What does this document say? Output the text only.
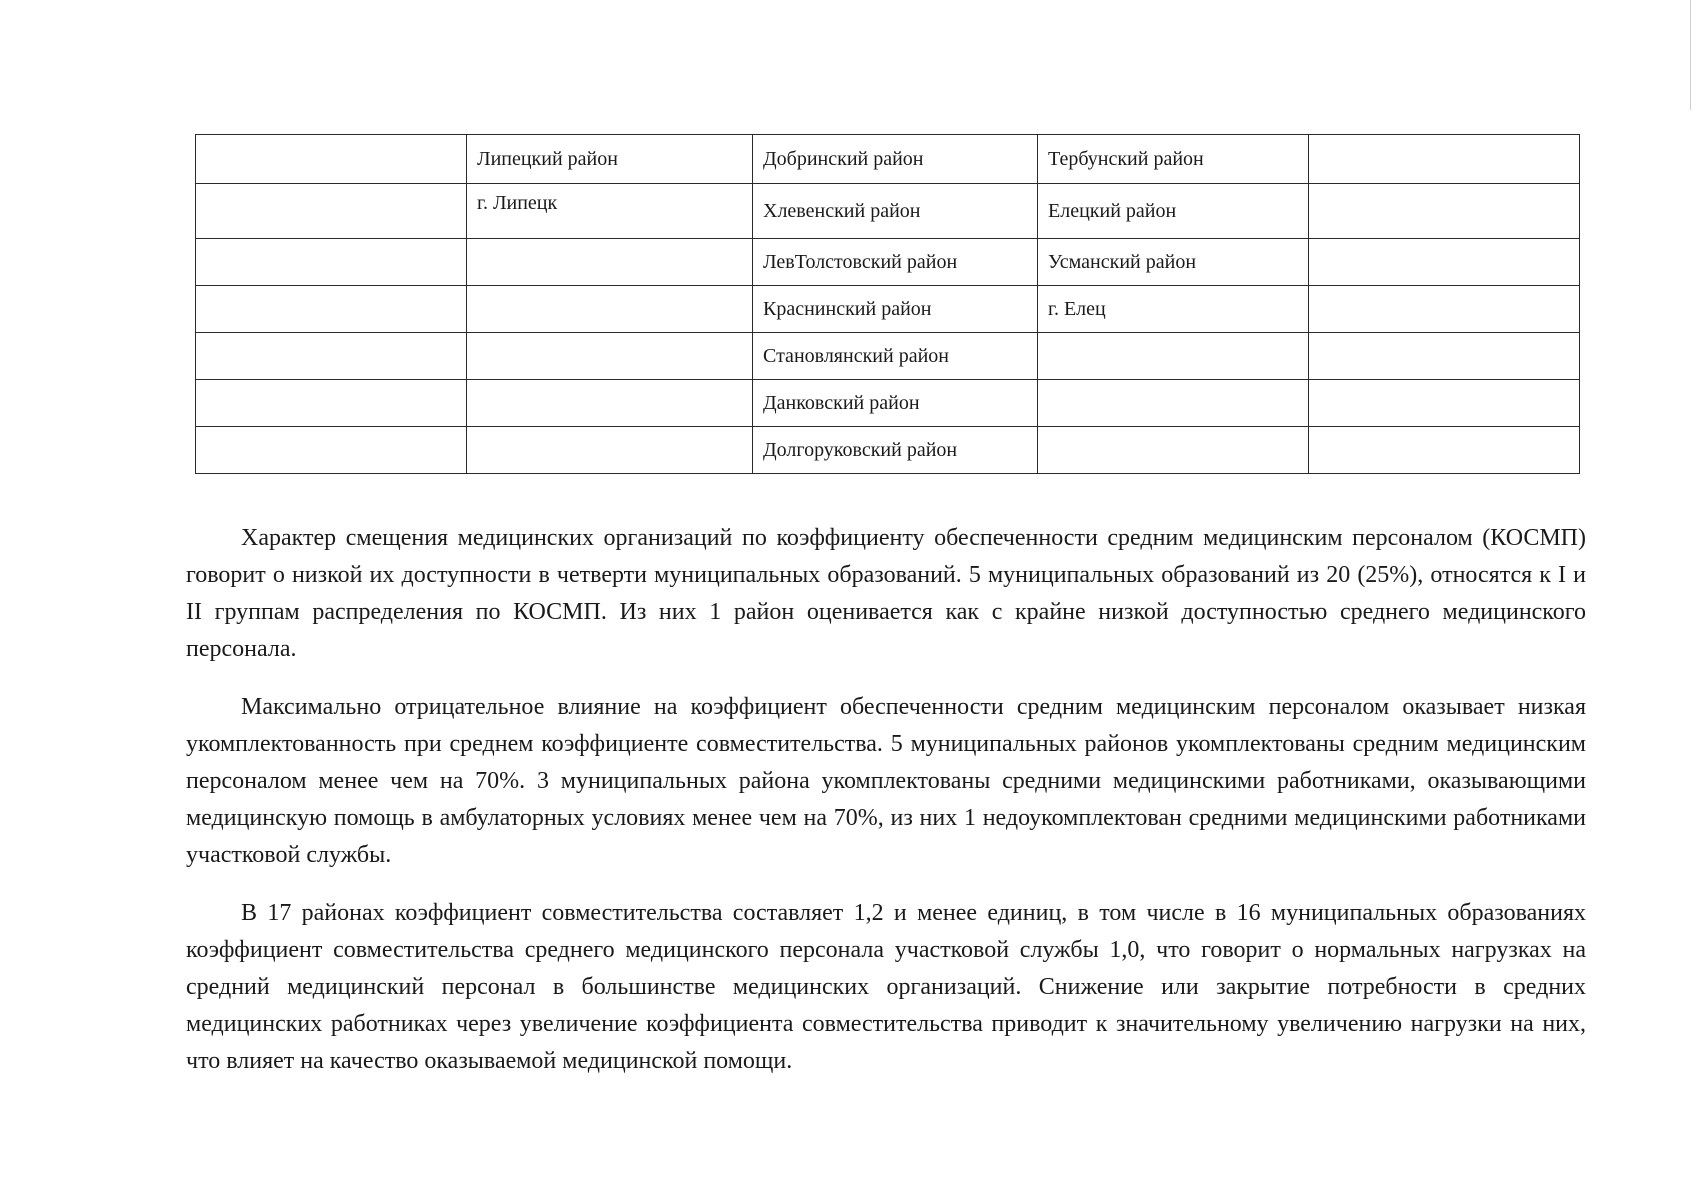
	Липецкий район	Добринский район	Тербунский район	
	г. Липецк	Хлевенский район	Елецкий район	
		ЛевТолстовский район	Усманский район	
		Краснинский район	г. Елец	
		Становлянский район		
		Данковский район		
		Долгоруковский район		

Характер смещения медицинских организаций по коэффициенту обеспеченности средним медицинским персоналом (КОСМП) говорит о низкой их доступности в четверти муниципальных образований. 5 муниципальных образований из 20 (25%), относятся к I и II группам распределения по КОСМП. Из них 1 район оценивается как с крайне низкой доступностью среднего медицинского персонала.

Максимально отрицательное влияние на коэффициент обеспеченности средним медицинским персоналом оказывает низкая укомплектованность при среднем коэффициенте совместительства. 5 муниципальных районов укомплектованы средним медицинским персоналом менее чем на 70%. 3 муниципальных района укомплектованы средними медицинскими работниками, оказывающими медицинскую помощь в амбулаторных условиях менее чем на 70%, из них 1 недоукомплектован средними медицинскими работниками участковой службы.

В 17 районах коэффициент совместительства составляет 1,2 и менее единиц, в том числе в 16 муниципальных образованиях коэффициент совместительства среднего медицинского персонала участковой службы 1,0, что говорит о нормальных нагрузках на средний медицинский персонал в большинстве медицинских организаций. Снижение или закрытие потребности в средних медицинских работниках через увеличение коэффициента совместительства приводит к значительному увеличению нагрузки на них, что влияет на качество оказываемой медицинской помощи.
